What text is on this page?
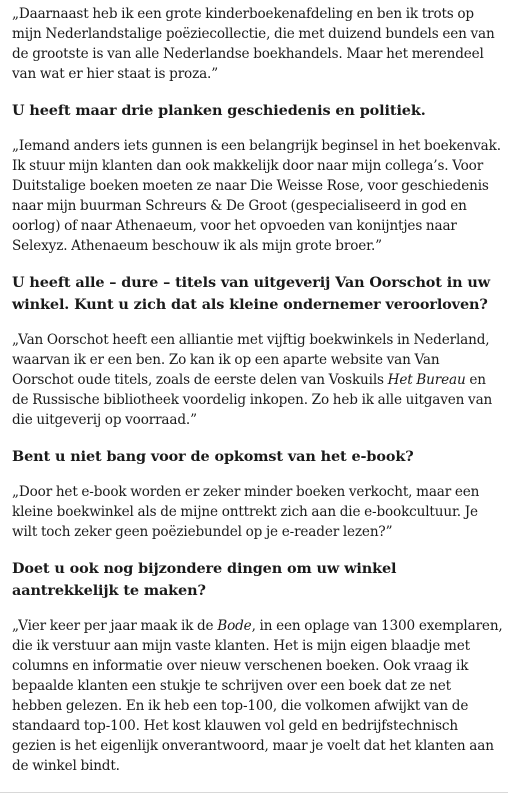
„Daarnaast heb ik een grote kinderboekenafdeling en ben ik trots op mijn Nederlandstalige poëziecollectie, die met duizend bundels een van de grootste is van alle Nederlandse boekhandels. Maar het merendeel van wat er hier staat is proza.”

U heeft maar drie planken geschiedenis en politiek.

„Iemand anders iets gunnen is een belangrijk beginsel in het boekenvak. Ik stuur mijn klanten dan ook makkelijk door naar mijn collega’s. Voor Duitstalige boeken moeten ze naar Die Weisse Rose, voor geschiedenis naar mijn buurman Schreurs & De Groot (gespecialiseerd in god en oorlog) of naar Athenaeum, voor het opvoeden van konijntjes naar Selexyz. Athenaeum beschouw ik als mijn grote broer.”

U heeft alle – dure – titels van uitgeverij Van Oorschot in uw winkel. Kunt u zich dat als kleine ondernemer veroorloven?

„Van Oorschot heeft een alliantie met vijftig boekwinkels in Nederland, waarvan ik er een ben. Zo kan ik op een aparte website van Van Oorschot oude titels, zoals de eerste delen van Voskuils Het Bureau en de Russische bibliotheek voordelig inkopen. Zo heb ik alle uitgaven van die uitgeverij op voorraad.”

Bent u niet bang voor de opkomst van het e-book?

„Door het e-book worden er zeker minder boeken verkocht, maar een kleine boekwinkel als de mijne onttrekt zich aan die e-bookcultuur. Je wilt toch zeker geen poëziebundel op je e-reader lezen?”

Doet u ook nog bijzondere dingen om uw winkel aantrekkelijk te maken?

„Vier keer per jaar maak ik de Bode, in een oplage van 1300 exemplaren, die ik verstuur aan mijn vaste klanten. Het is mijn eigen blaadje met columns en informatie over nieuw verschenen boeken. Ook vraag ik bepaalde klanten een stukje te schrijven over een boek dat ze net hebben gelezen. En ik heb een top-100, die volkomen afwijkt van de standaard top-100. Het kost klauwen vol geld en bedrijfstechnisch gezien is het eigenlijk onverantwoord, maar je voelt dat het klanten aan de winkel bindt.
